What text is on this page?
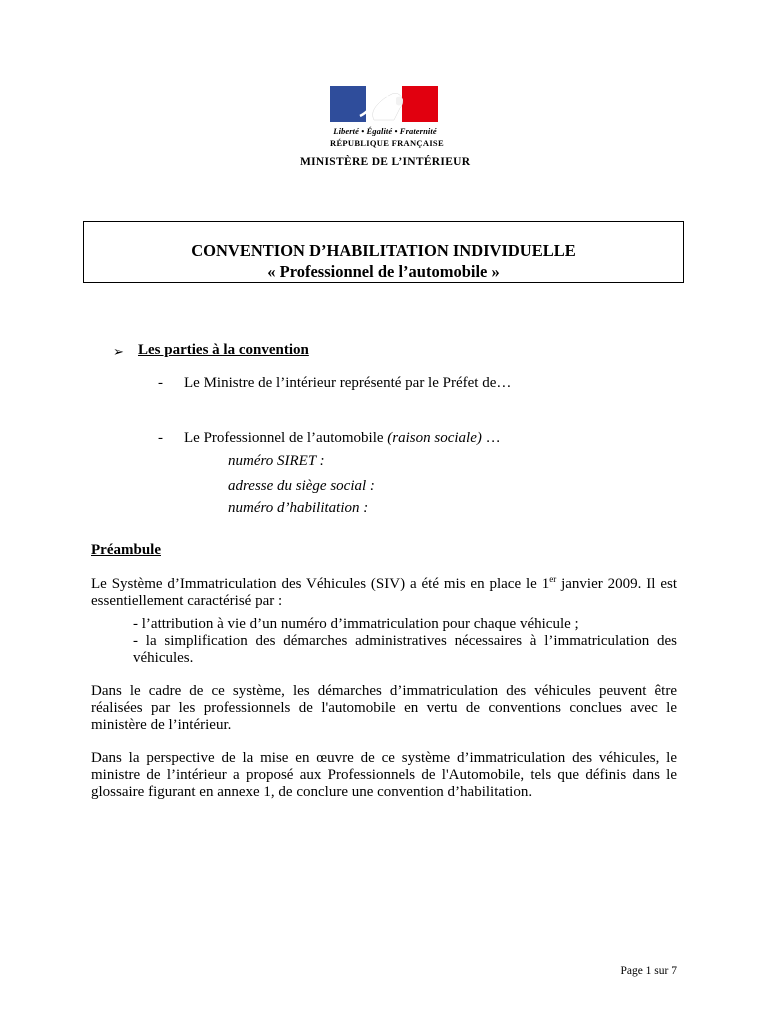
Liberté • Égalité • Fraternité
RÉPUBLIQUE FRANÇAISE
MINISTÈRE DE L’INTÉRIEUR
CONVENTION D’HABILITATION INDIVIDUELLE
« Professionnel de l’automobile »
➢ Les parties à la convention
- Le Ministre de l’intérieur représenté par le Préfet de…
- Le Professionnel de l’automobile (raison sociale) …
numéro SIRET :
adresse du siège social :
numéro d’habilitation :
Préambule
Le Système d’Immatriculation des Véhicules (SIV) a été mis en place le 1er janvier 2009. Il est essentiellement caractérisé par :
- l’attribution à vie d’un numéro d’immatriculation pour chaque véhicule ;
- la simplification des démarches administratives nécessaires à l’immatriculation des véhicules.
Dans le cadre de ce système, les démarches d’immatriculation des véhicules peuvent être réalisées par les professionnels de l'automobile en vertu de conventions conclues avec le ministère de l’intérieur.
Dans la perspective de la mise en œuvre de ce système d’immatriculation des véhicules, le ministre de l’intérieur a proposé aux Professionnels de l'Automobile, tels que définis dans le glossaire figurant en annexe 1, de conclure une convention d’habilitation.
Page 1 sur 7
